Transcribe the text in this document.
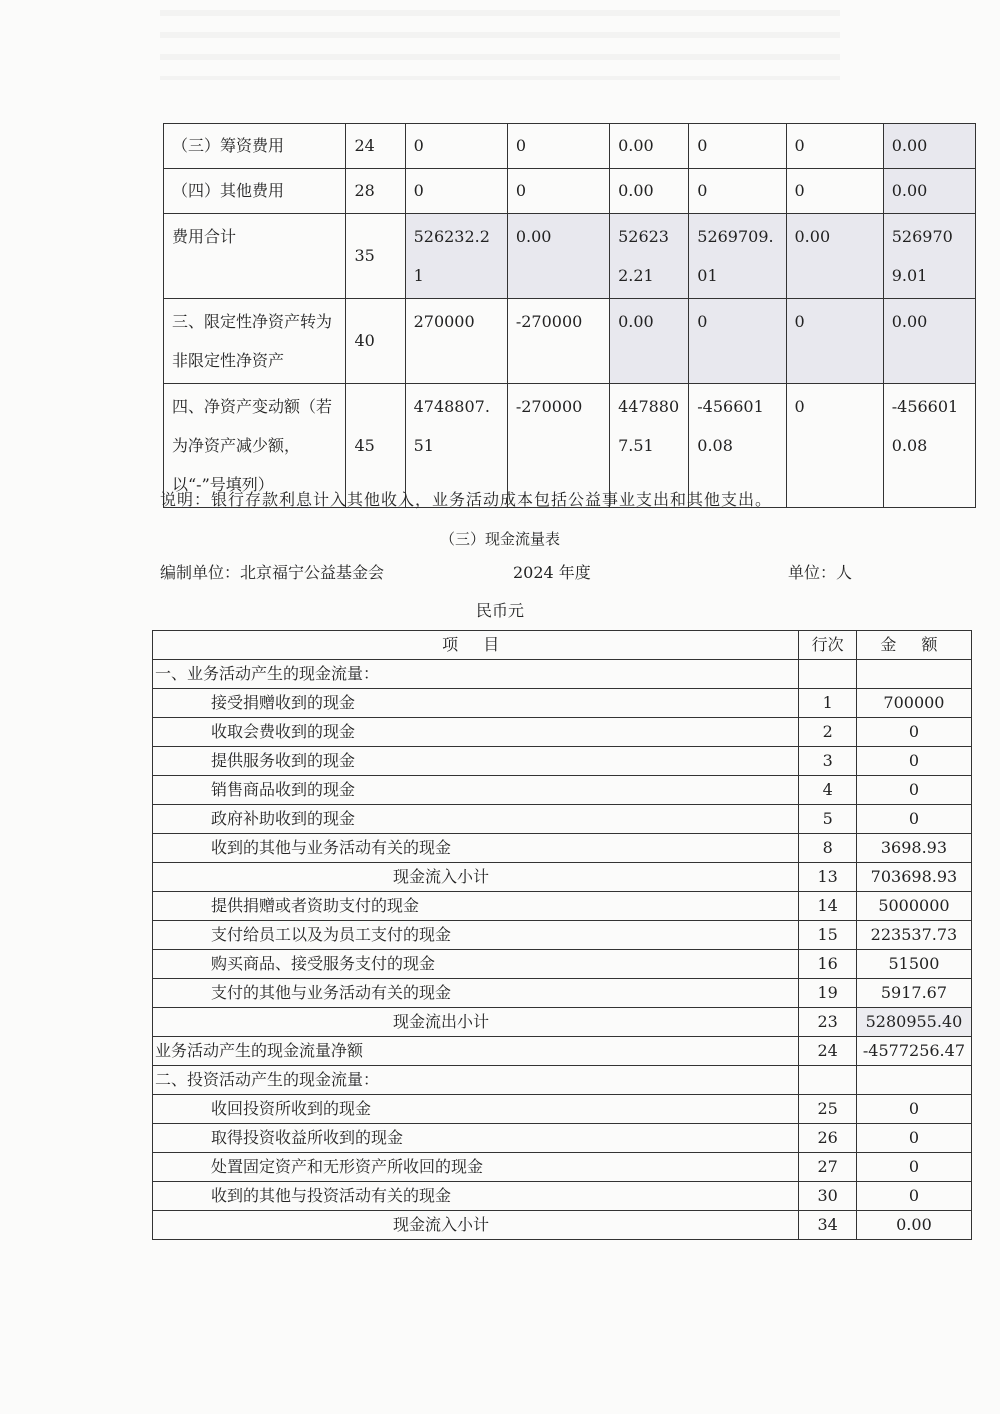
（三）筹资费用	24	0	0	0.00	0	0	0.00
（四）其他费用	28	0	0	0.00	0	0	0.00
费用合计	35	526232.21	0.00	526232.21	5269709.01	0.00	5269709.01
三、限定性净资产转为非限定性净资产	40	270000	-270000	0.00	0	0	0.00
四、净资产变动额（若为净资产减少额，以“-”号填列）	45	4748807.51	-270000	4478807.51	-4566010.08	0	-4566010.08
说明：银行存款利息计入其他收入，业务活动成本包括公益事业支出和其他支出。
（三）现金流量表
编制单位：北京福宁公益基金会	2024 年度	单位：人
民币元
项 目	行次	金 额
一、业务活动产生的现金流量：		
接受捐赠收到的现金	1	700000
收取会费收到的现金	2	0
提供服务收到的现金	3	0
销售商品收到的现金	4	0
政府补助收到的现金	5	0
收到的其他与业务活动有关的现金	8	3698.93
现金流入小计	13	703698.93
提供捐赠或者资助支付的现金	14	5000000
支付给员工以及为员工支付的现金	15	223537.73
购买商品、接受服务支付的现金	16	51500
支付的其他与业务活动有关的现金	19	5917.67
现金流出小计	23	5280955.40
业务活动产生的现金流量净额	24	-4577256.47
二、投资活动产生的现金流量：		
收回投资所收到的现金	25	0
取得投资收益所收到的现金	26	0
处置固定资产和无形资产所收回的现金	27	0
收到的其他与投资活动有关的现金	30	0
现金流入小计	34	0.00
